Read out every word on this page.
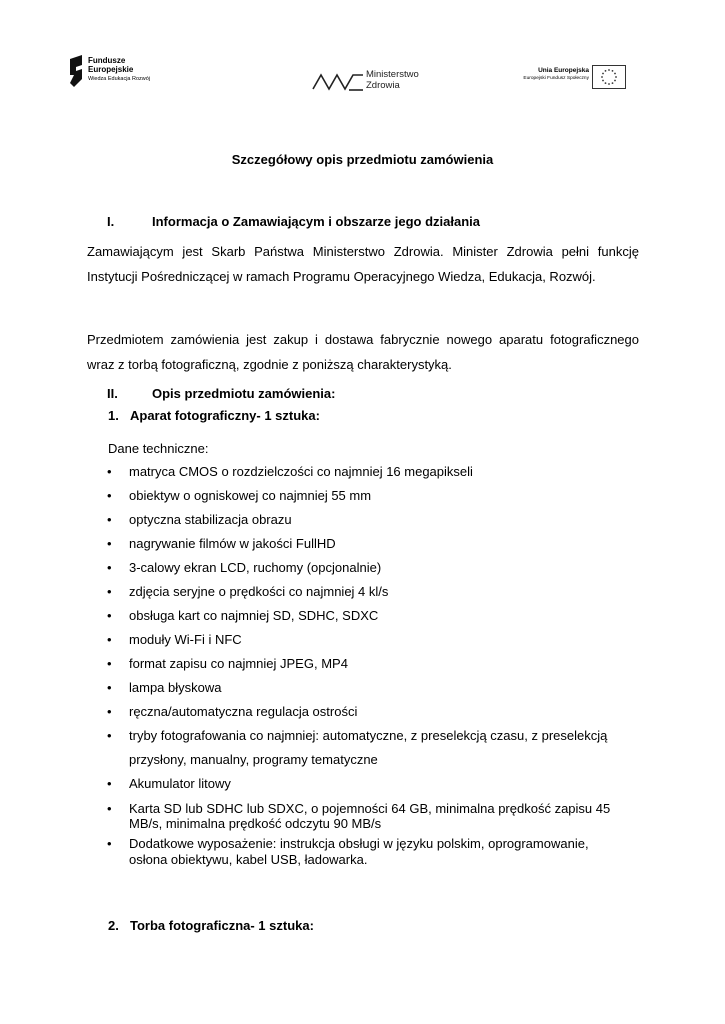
Fundusze
Europejskie
Wiedza Edukacja Rozwój	Ministerstwo
Zdrowia
Unia Europejska
Europejski Fundusz Społeczny
Szczegółowy opis przedmiotu zamówienia
I.	Informacja o Zamawiającym i obszarze jego działania
Zamawiającym jest Skarb Państwa Ministerstwo Zdrowia. Minister Zdrowia pełni funkcję Instytucji Pośredniczącej w ramach Programu Operacyjnego Wiedza, Edukacja, Rozwój.
Przedmiotem zamówienia jest zakup i dostawa fabrycznie nowego aparatu fotograficznego wraz z torbą fotograficzną, zgodnie z poniższą charakterystyką.
II.	Opis przedmiotu zamówienia:
1. Aparat fotograficzny- 1 sztuka:
Dane techniczne:
• matryca CMOS o rozdzielczości co najmniej 16 megapikseli
• obiektyw o ogniskowej co najmniej 55 mm
• optyczna stabilizacja obrazu
• nagrywanie filmów w jakości FullHD
• 3-calowy ekran LCD, ruchomy (opcjonalnie)
• zdjęcia seryjne o prędkości co najmniej 4 kl/s
• obsługa kart co najmniej SD, SDHC, SDXC
• moduły Wi-Fi i NFC
• format zapisu co najmniej JPEG, MP4
• lampa błyskowa
• ręczna/automatyczna regulacja ostrości
• tryby fotografowania co najmniej: automatyczne, z preselekcją czasu, z preselekcją
przysłony, manualny, programy tematyczne
• Akumulator litowy
• Karta SD lub SDHC lub SDXC, o pojemności 64 GB, minimalna prędkość zapisu 45
MB/s, minimalna prędkość odczytu 90 MB/s
• Dodatkowe wyposażenie: instrukcja obsługi w języku polskim, oprogramowanie,
osłona obiektywu, kabel USB, ładowarka.
2. Torba fotograficzna- 1 sztuka:
